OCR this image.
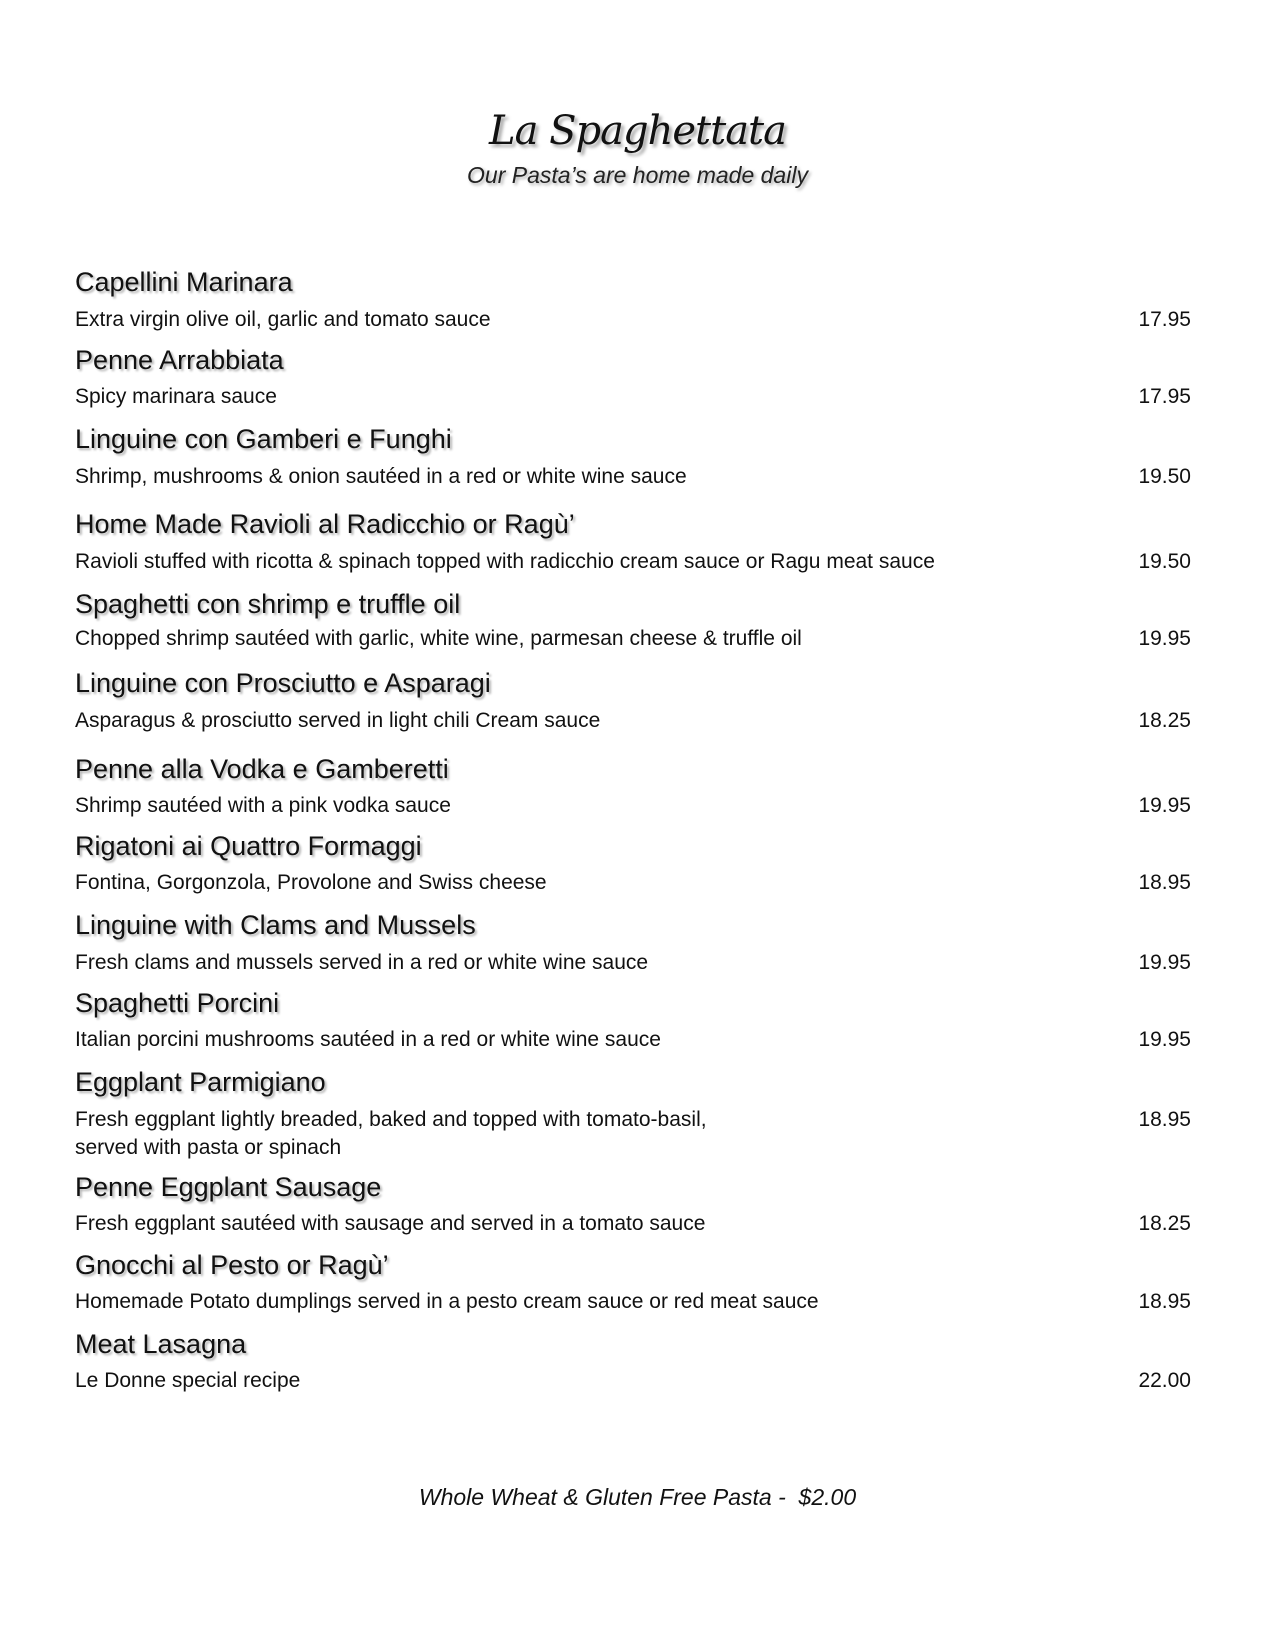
La Spaghettata
Our Pasta’s are home made daily
Capellini Marinara
Extra virgin olive oil, garlic and tomato sauce	17.95
Penne Arrabbiata
Spicy marinara sauce	17.95
Linguine con Gamberi e Funghi
Shrimp, mushrooms & onion sautéed in a red or white wine sauce	19.50
Home Made Ravioli al Radicchio or Ragù’
Ravioli stuffed with ricotta & spinach topped with radicchio cream sauce or Ragu meat sauce	19.50
Spaghetti con shrimp e truffle oil
Chopped shrimp sautéed with garlic, white wine, parmesan cheese & truffle oil	19.95
Linguine con Prosciutto e Asparagi
Asparagus & prosciutto served in light chili Cream sauce	18.25
Penne alla Vodka e Gamberetti
Shrimp sautéed with a pink vodka sauce	19.95
Rigatoni ai Quattro Formaggi
Fontina, Gorgonzola, Provolone and Swiss cheese	18.95
Linguine with Clams and Mussels
Fresh clams and mussels served in a red or white wine sauce	19.95
Spaghetti Porcini
Italian porcini mushrooms sautéed in a red or white wine sauce	19.95
Eggplant Parmigiano
Fresh eggplant lightly breaded, baked and topped with tomato-basil,
served with pasta or spinach
18.95
Penne Eggplant Sausage
Fresh eggplant sautéed with sausage and served in a tomato sauce	18.25
Gnocchi al Pesto or Ragù’
Homemade Potato dumplings served in a pesto cream sauce or red meat sauce	18.95
Meat Lasagna
Le Donne special recipe	22.00
Whole Wheat & Gluten Free Pasta -  $2.00
